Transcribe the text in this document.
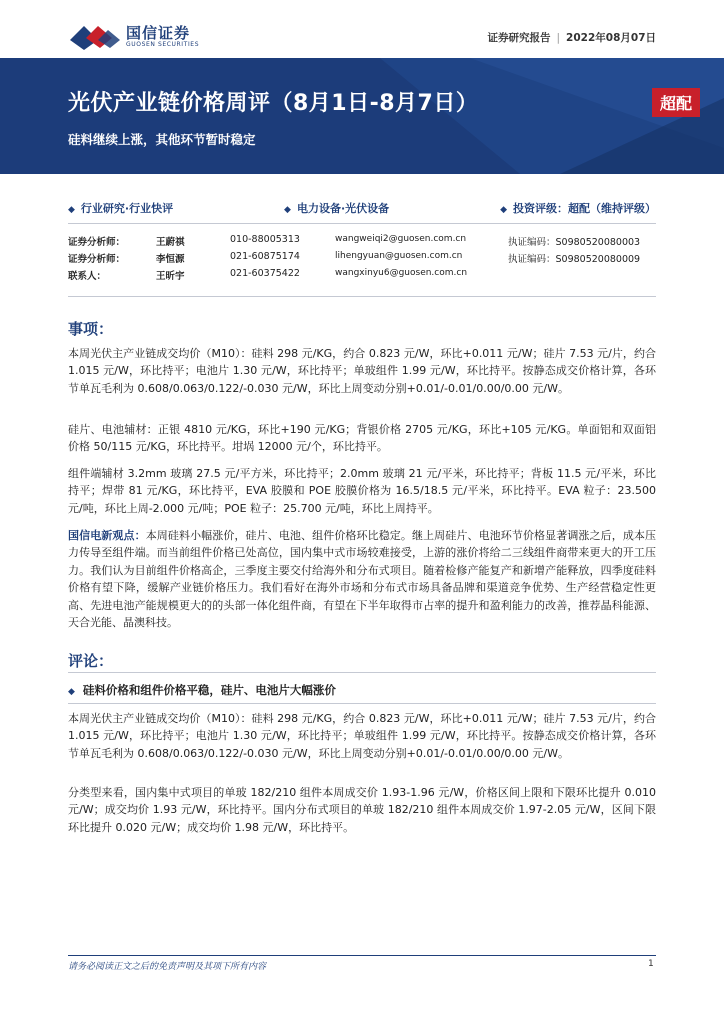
国信证券
GUOSEN SECURITIES
证券研究报告 | 2022年08月07日
光伏产业链价格周评（8月1日-8月7日）
硅料继续上涨，其他环节暂时稳定
超配
◆ 行业研究·行业快评	◆ 电力设备·光伏设备	◆ 投资评级：超配（维持评级）
证券分析师：	王蔚祺	010-88005313	wangweiqi2@guosen.com.cn	执证编码：S0980520080003
证券分析师：	李恒源	021-60875174	lihengyuan@guosen.com.cn	执证编码：S0980520080009
联系人：	王昕宇	021-60375422	wangxinyu6@guosen.com.cn
事项：
本周光伏主产业链成交均价（M10）：硅料 298 元/KG，约合 0.823 元/W，环比+0.011 元/W；硅片 7.53 元/片，约合 1.015 元/W，环比持平；电池片 1.30 元/W，环比持平；单玻组件 1.99 元/W，环比持平。按静态成交价格计算，各环节单瓦毛利为 0.608/0.063/0.122/-0.030 元/W，环比上周变动分别+0.01/-0.01/0.00/0.00 元/W。
硅片、电池辅材：正银 4810 元/KG，环比+190 元/KG；背银价格 2705 元/KG，环比+105 元/KG。单面铝和双面铝价格 50/115 元/KG，环比持平。坩埚 12000 元/个，环比持平。
组件端辅材 3.2mm 玻璃 27.5 元/平方米，环比持平；2.0mm 玻璃 21 元/平米，环比持平；背板 11.5 元/平米，环比持平；焊带 81 元/KG，环比持平，EVA 胶膜和 POE 胶膜价格为 16.5/18.5 元/平米，环比持平。EVA 粒子：23.500 元/吨，环比上周-2.000 元/吨；POE 粒子：25.700 元/吨，环比上周持平。
国信电新观点：本周硅料小幅涨价，硅片、电池、组件价格环比稳定。继上周硅片、电池环节价格显著调涨之后，成本压力传导至组件端。而当前组件价格已处高位，国内集中式市场较难接受，上游的涨价将给二三线组件商带来更大的开工压力。我们认为目前组件价格高企，三季度主要交付给海外和分布式项目。随着检修产能复产和新增产能释放，四季度硅料价格有望下降，缓解产业链价格压力。我们看好在海外市场和分布式市场具备品牌和渠道竞争优势、生产经营稳定性更高、先进电池产能规模更大的的头部一体化组件商，有望在下半年取得市占率的提升和盈利能力的改善，推荐晶科能源、天合光能、晶澳科技。
评论：
◆ 硅料价格和组件价格平稳，硅片、电池片大幅涨价
本周光伏主产业链成交均价（M10）：硅料 298 元/KG，约合 0.823 元/W，环比+0.011 元/W；硅片 7.53 元/片，约合 1.015 元/W，环比持平；电池片 1.30 元/W，环比持平；单玻组件 1.99 元/W，环比持平。按静态成交价格计算，各环节单瓦毛利为 0.608/0.063/0.122/-0.030 元/W，环比上周变动分别+0.01/-0.01/0.00/0.00 元/W。
分类型来看，国内集中式项目的单玻 182/210 组件本周成交价 1.93-1.96 元/W，价格区间上限和下限环比提升 0.010 元/W；成交均价 1.93 元/W，环比持平。国内分布式项目的单玻 182/210 组件本周成交价 1.97-2.05 元/W，区间下限环比提升 0.020 元/W；成交均价 1.98 元/W，环比持平。
请务必阅读正文之后的免责声明及其项下所有内容	1
